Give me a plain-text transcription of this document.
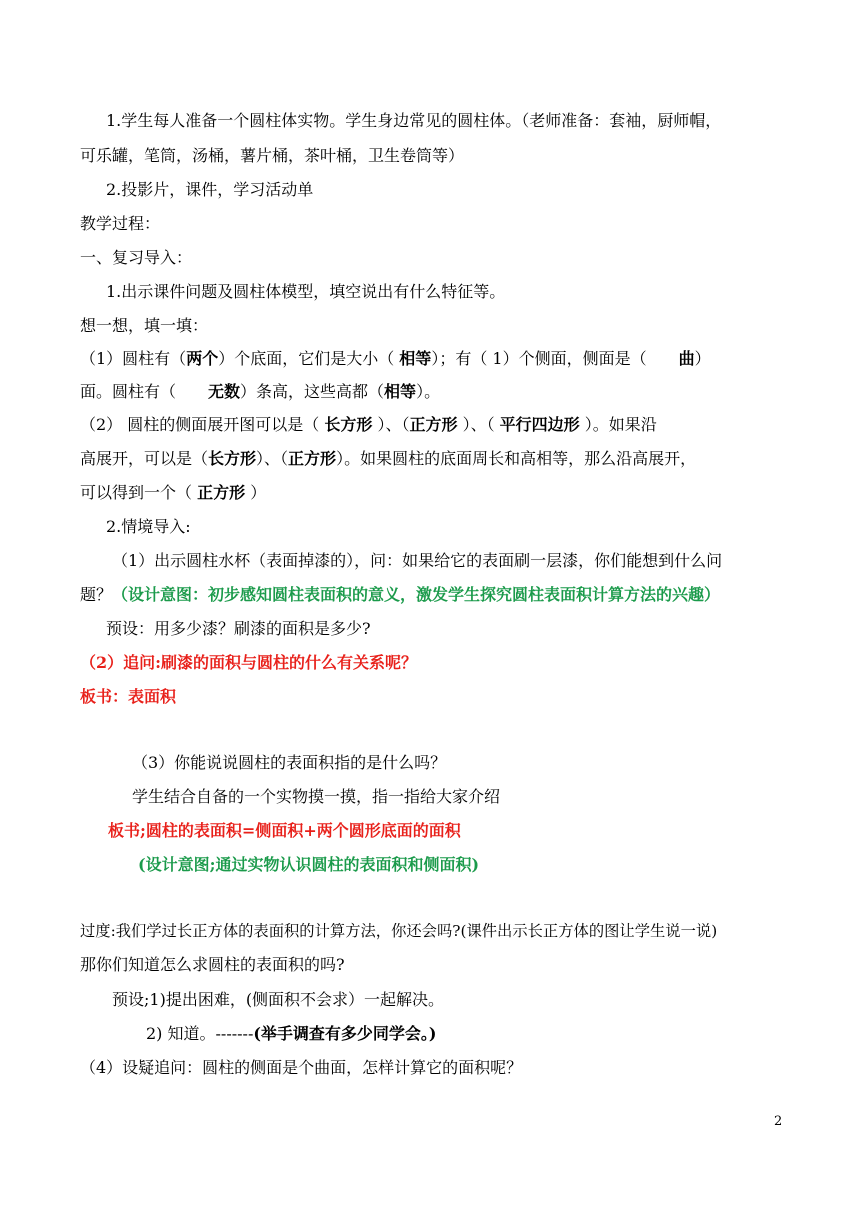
1.学生每人准备一个圆柱体实物。学生身边常见的圆柱体。（老师准备：套袖，厨师帽，
可乐罐，笔筒，汤桶，薯片桶，茶叶桶，卫生卷筒等）
2.投影片，课件，学习活动单
教学过程：
一、复习导入：
1.出示课件问题及圆柱体模型，填空说出有什么特征等。
想一想，填一填：
（1）圆柱有（两个）个底面，它们是大小（ 相等）；有（ 1）个侧面，侧面是（　　曲）
面。圆柱有（　　无数）条高，这些高都（相等）。
（2） 圆柱的侧面展开图可以是（ 长方形 ）、（正方形 ）、（ 平行四边形 ）。如果沿
高展开，可以是（长方形）、（正方形）。如果圆柱的底面周长和高相等，那么沿高展开，
可以得到一个（ 正方形 ）
2.情境导入:
（1）出示圆柱水杯（表面掉漆的），问：如果给它的表面刷一层漆，你们能想到什么问
题？（设计意图：初步感知圆柱表面积的意义，激发学生探究圆柱表面积计算方法的兴趣）
预设：用多少漆？刷漆的面积是多少?
（2）追问:刷漆的面积与圆柱的什么有关系呢？
板书：表面积
（3）你能说说圆柱的表面积指的是什么吗？
学生结合自备的一个实物摸一摸，指一指给大家介绍
板书;圆柱的表面积=侧面积+两个圆形底面的面积
(设计意图;通过实物认识圆柱的表面积和侧面积)
过度:我们学过长正方体的表面积的计算方法，你还会吗?(课件出示长正方体的图让学生说一说)
那你们知道怎么求圆柱的表面积的吗?
预设;1)提出困难，(侧面积不会求）一起解决。
2) 知道。-------(举手调查有多少同学会。)
（4）设疑追问：圆柱的侧面是个曲面，怎样计算它的面积呢？
2
